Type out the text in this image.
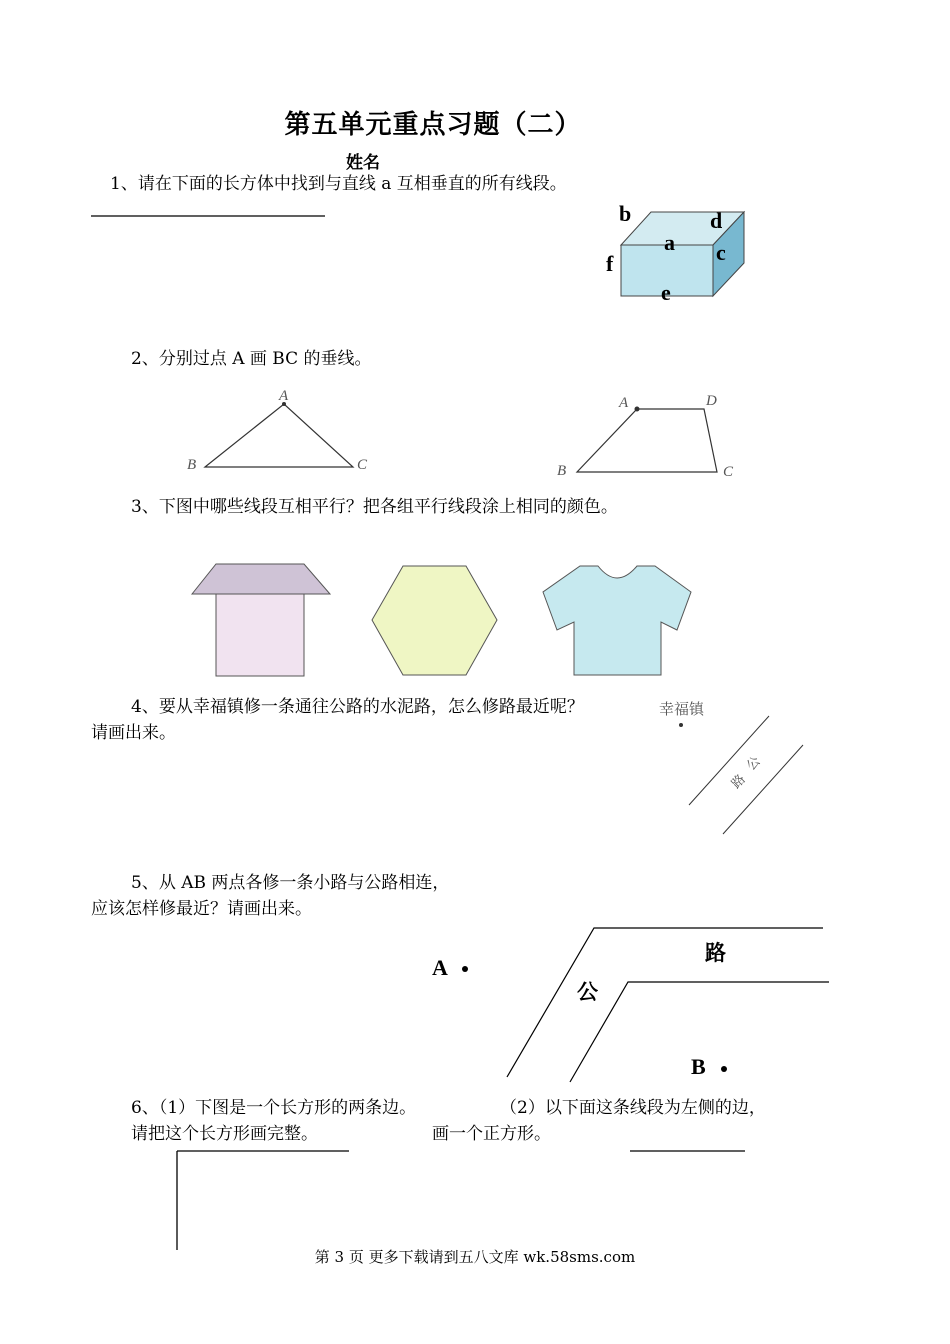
第五单元重点习题（二）
姓名
1、请在下面的长方体中找到与直线 a 互相垂直的所有线段。
b	d
a c
f
e
2、分别过点 A 画 BC 的垂线。
A
B	C
A	D
B	C
3、下图中哪些线段互相平行？把各组平行线段涂上相同的颜色。
4、要从幸福镇修一条通往公路的水泥路，怎么修路最近呢？
请画出来。
幸福镇
公
路
5、从 AB 两点各修一条小路与公路相连，
应该怎样修最近？请画出来。
A
B
路
公
6、（1）下图是一个长方形的两条边。	（2）以下面这条线段为左侧的边，
请把这个长方形画完整。	画一个正方形。
第 3 页 更多下载请到五八文库 wk.58sms.com
